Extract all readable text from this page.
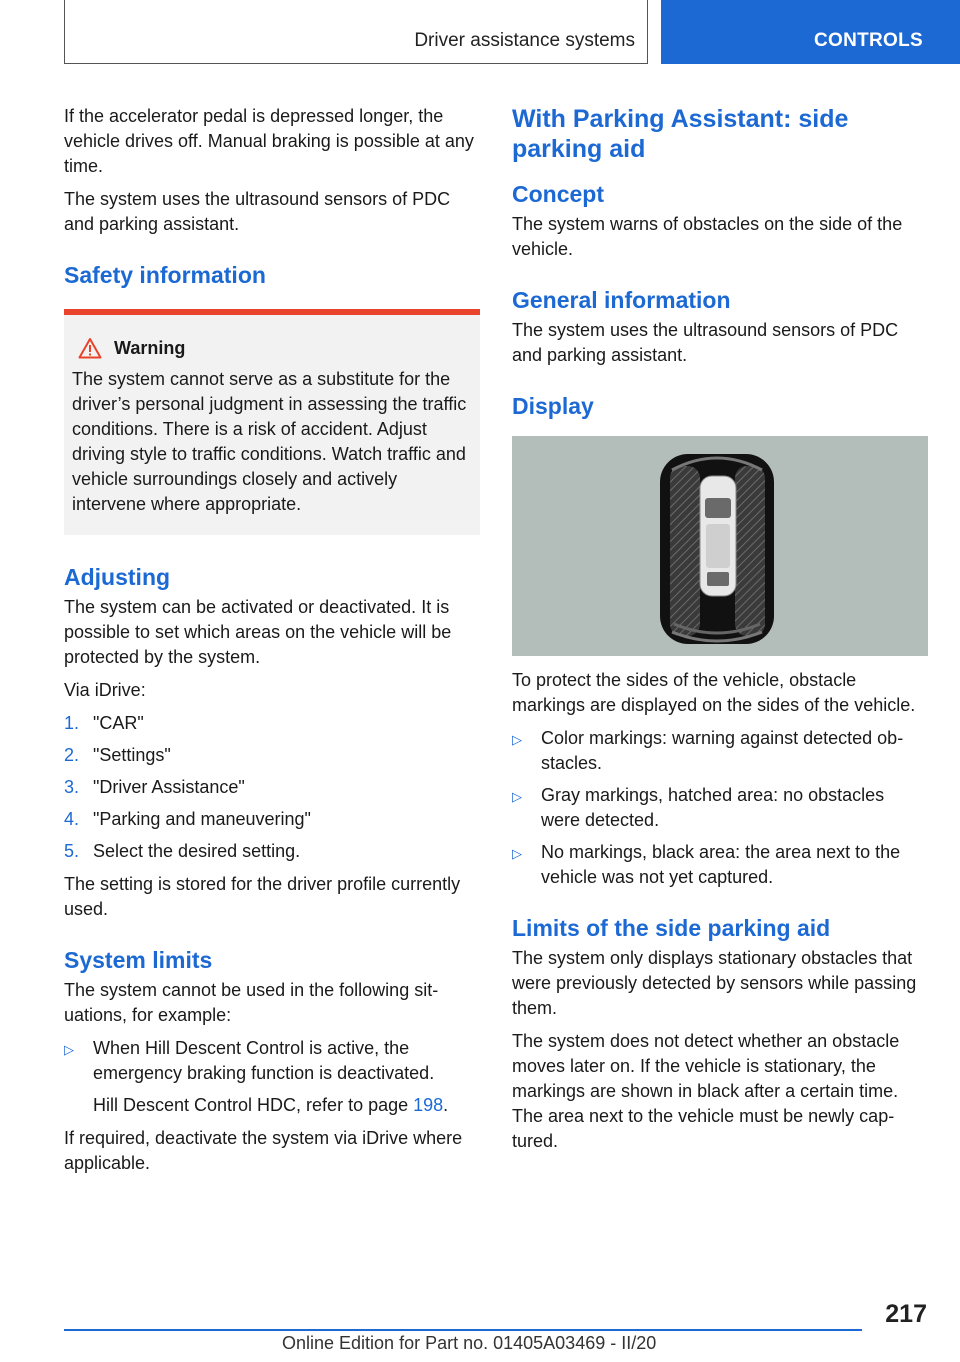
Driver assistance systems	CONTROLS

If the accelerator pedal is depressed longer, the vehicle drives off. Manual braking is possible at any time.

The system uses the ultrasound sensors of PDC and parking assistant.

Safety information
Warning

The system cannot serve as a substitute for the driver’s personal judgment in assessing the traffic conditions. There is a risk of accident. Adjust driving style to traffic conditions. Watch traffic and vehicle surroundings closely and actively intervene where appropriate.

Adjusting

The system can be activated or deactivated. It is possible to set which areas on the vehicle will be protected by the system.

Via iDrive:

1. "CAR"
2. "Settings"
3. "Driver Assistance"
4. "Parking and maneuvering"
5. Select the desired setting.

The setting is stored for the driver profile currently used.

System limits

The system cannot be used in the following situations, for example:

▷	When Hill Descent Control is active, the emergency braking function is deactivated.
Hill Descent Control HDC, refer to page 198.

If required, deactivate the system via iDrive where applicable.

With Parking Assistant: side parking aid
Concept

The system warns of obstacles on the side of the vehicle.

General information

The system uses the ultrasound sensors of PDC and parking assistant.

Display

To protect the sides of the vehicle, obstacle markings are displayed on the sides of the vehicle.

▷	Color markings: warning against detected obstacles.
▷	Gray markings, hatched area: no obstacles were detected.
▷	No markings, black area: the area next to the vehicle was not yet captured.
Limits of the side parking aid

The system only displays stationary obstacles that were previously detected by sensors while passing them.

The system does not detect whether an obstacle moves later on. If the vehicle is stationary, the markings are shown in black after a certain time. The area next to the vehicle must be newly captured.

217
Online Edition for Part no. 01405A03469 - II/20
